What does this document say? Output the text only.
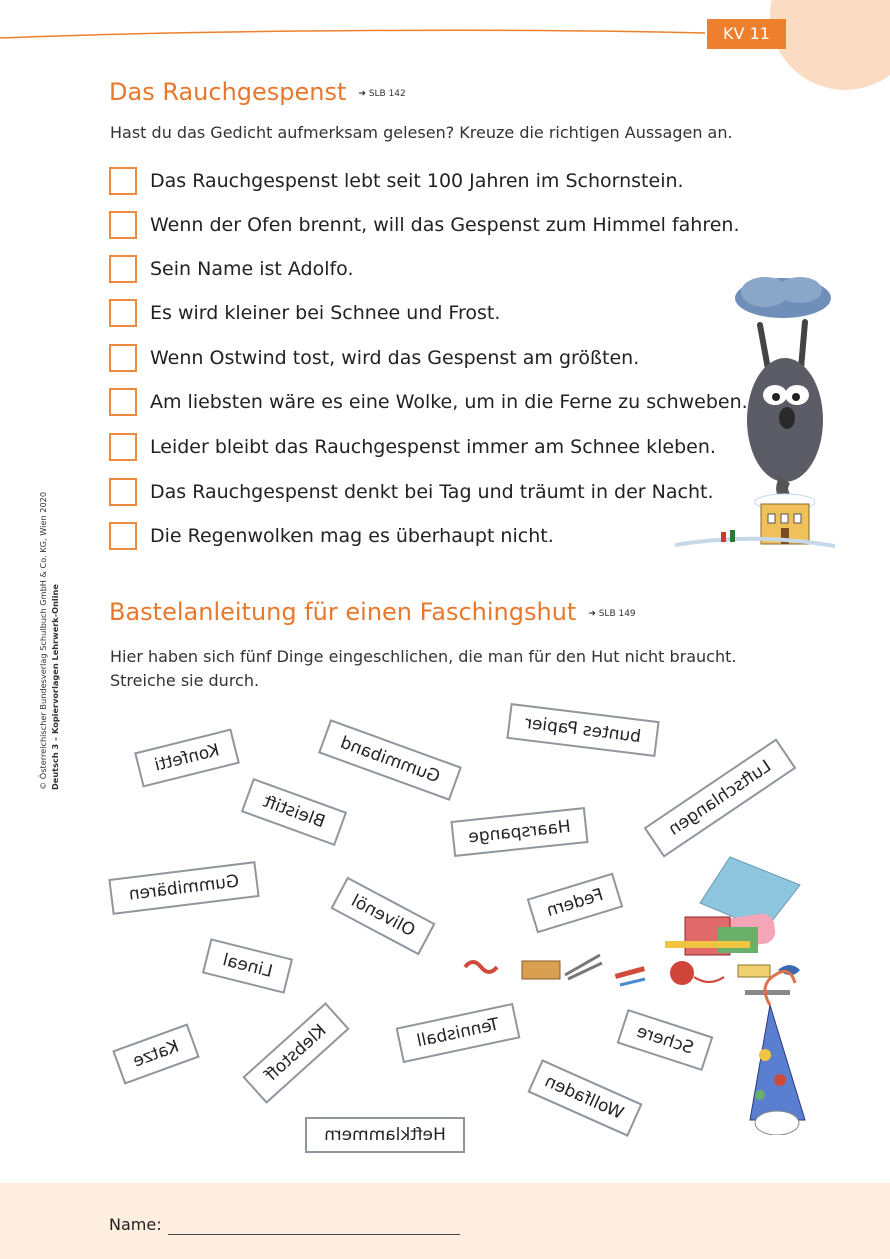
KV 11
© Österreichischer Bundesverlag Schulbuch GmbH & Co. KG, Wien 2020 Deutsch 3 – Kopiervorlagen Lehrwerk-Online
Das Rauchgespenst ➜ SLB 142
Hast du das Gedicht aufmerksam gelesen? Kreuze die richtigen Aussagen an.
Das Rauchgespenst lebt seit 100 Jahren im Schornstein.
Wenn der Ofen brennt, will das Gespenst zum Himmel fahren.
Sein Name ist Adolfo.
Es wird kleiner bei Schnee und Frost.
Wenn Ostwind tost, wird das Gespenst am größten.
Am liebsten wäre es eine Wolke, um in die Ferne zu schweben.
Leider bleibt das Rauchgespenst immer am Schnee kleben.
Das Rauchgespenst denkt bei Tag und träumt in der Nacht.
Die Regenwolken mag es überhaupt nicht.
Bastelanleitung für einen Faschingshut ➜ SLB 149
Hier haben sich fünf Dinge eingeschlichen, die man für den Hut nicht braucht.
Streiche sie durch.
Konfetti	Gummiband
buntes Papier
Luftschlangen
Bleistift	Haarspange
Gummibären
Olivenöl	Federn
Lineal
Klebstoff	Tennisball	Schere
Katze
Wollfaden
Heftklammern
Name:
